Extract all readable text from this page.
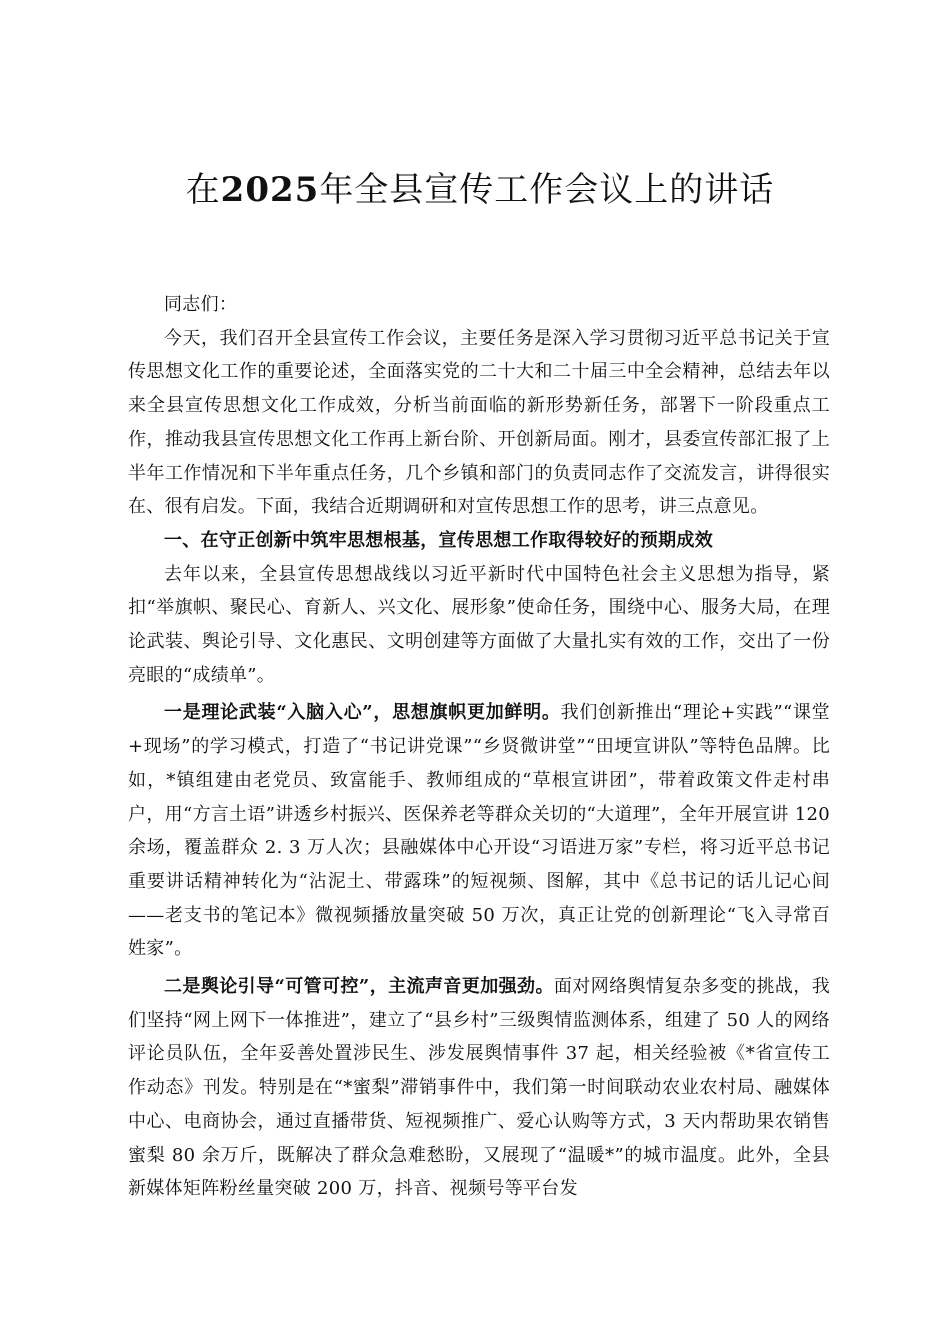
在2025年全县宣传工作会议上的讲话

同志们：

今天，我们召开全县宣传工作会议，主要任务是深入学习贯彻习近平总书记关于宣传思想文化工作的重要论述，全面落实党的二十大和二十届三中全会精神，总结去年以来全县宣传思想文化工作成效，分析当前面临的新形势新任务，部署下一阶段重点工作，推动我县宣传思想文化工作再上新台阶、开创新局面。刚才，县委宣传部汇报了上半年工作情况和下半年重点任务，几个乡镇和部门的负责同志作了交流发言，讲得很实在、很有启发。下面，我结合近期调研和对宣传思想工作的思考，讲三点意见。

一、在守正创新中筑牢思想根基，宣传思想工作取得较好的预期成效

去年以来，全县宣传思想战线以习近平新时代中国特色社会主义思想为指导，紧扣“举旗帜、聚民心、育新人、兴文化、展形象”使命任务，围绕中心、服务大局，在理论武装、舆论引导、文化惠民、文明创建等方面做了大量扎实有效的工作，交出了一份亮眼的“成绩单”。

一是理论武装“入脑入心”，思想旗帜更加鲜明。我们创新推出“理论+实践”“课堂+现场”的学习模式，打造了“书记讲党课”“乡贤微讲堂”“田埂宣讲队”等特色品牌。比如，*镇组建由老党员、致富能手、教师组成的“草根宣讲团”，带着政策文件走村串户，用“方言土语”讲透乡村振兴、医保养老等群众关切的“大道理”，全年开展宣讲 120 余场，覆盖群众 2. 3 万人次；县融媒体中心开设“习语进万家”专栏，将习近平总书记重要讲话精神转化为“沾泥土、带露珠”的短视频、图解，其中《总书记的话儿记心间——老支书的笔记本》微视频播放量突破 50 万次，真正让党的创新理论“飞入寻常百姓家”。

二是舆论引导“可管可控”，主流声音更加强劲。面对网络舆情复杂多变的挑战，我们坚持“网上网下一体推进”，建立了“县乡村”三级舆情监测体系，组建了 50 人的网络评论员队伍，全年妥善处置涉民生、涉发展舆情事件 37 起，相关经验被《*省宣传工作动态》刊发。特别是在“*蜜梨”滞销事件中，我们第一时间联动农业农村局、融媒体中心、电商协会，通过直播带货、短视频推广、爱心认购等方式，3 天内帮助果农销售蜜梨 80 余万斤，既解决了群众急难愁盼，又展现了“温暖*”的城市温度。此外，全县新媒体矩阵粉丝量突破 200 万，抖音、视频号等平台发
